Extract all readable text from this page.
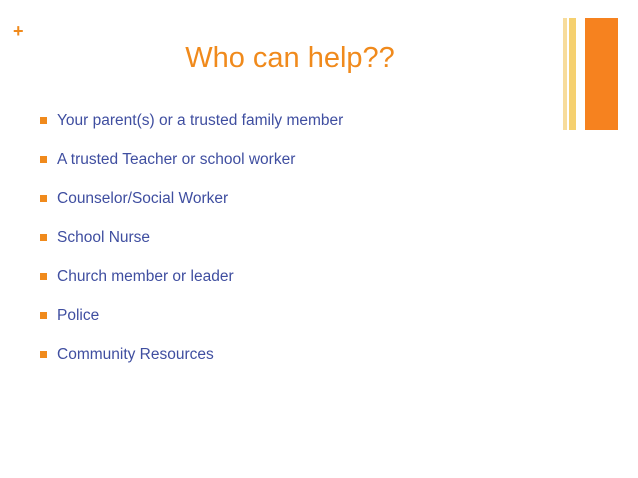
+
Who can help??
Your parent(s) or a trusted family member
A trusted Teacher or school worker
Counselor/Social Worker
School Nurse
Church member or leader
Police
Community Resources
